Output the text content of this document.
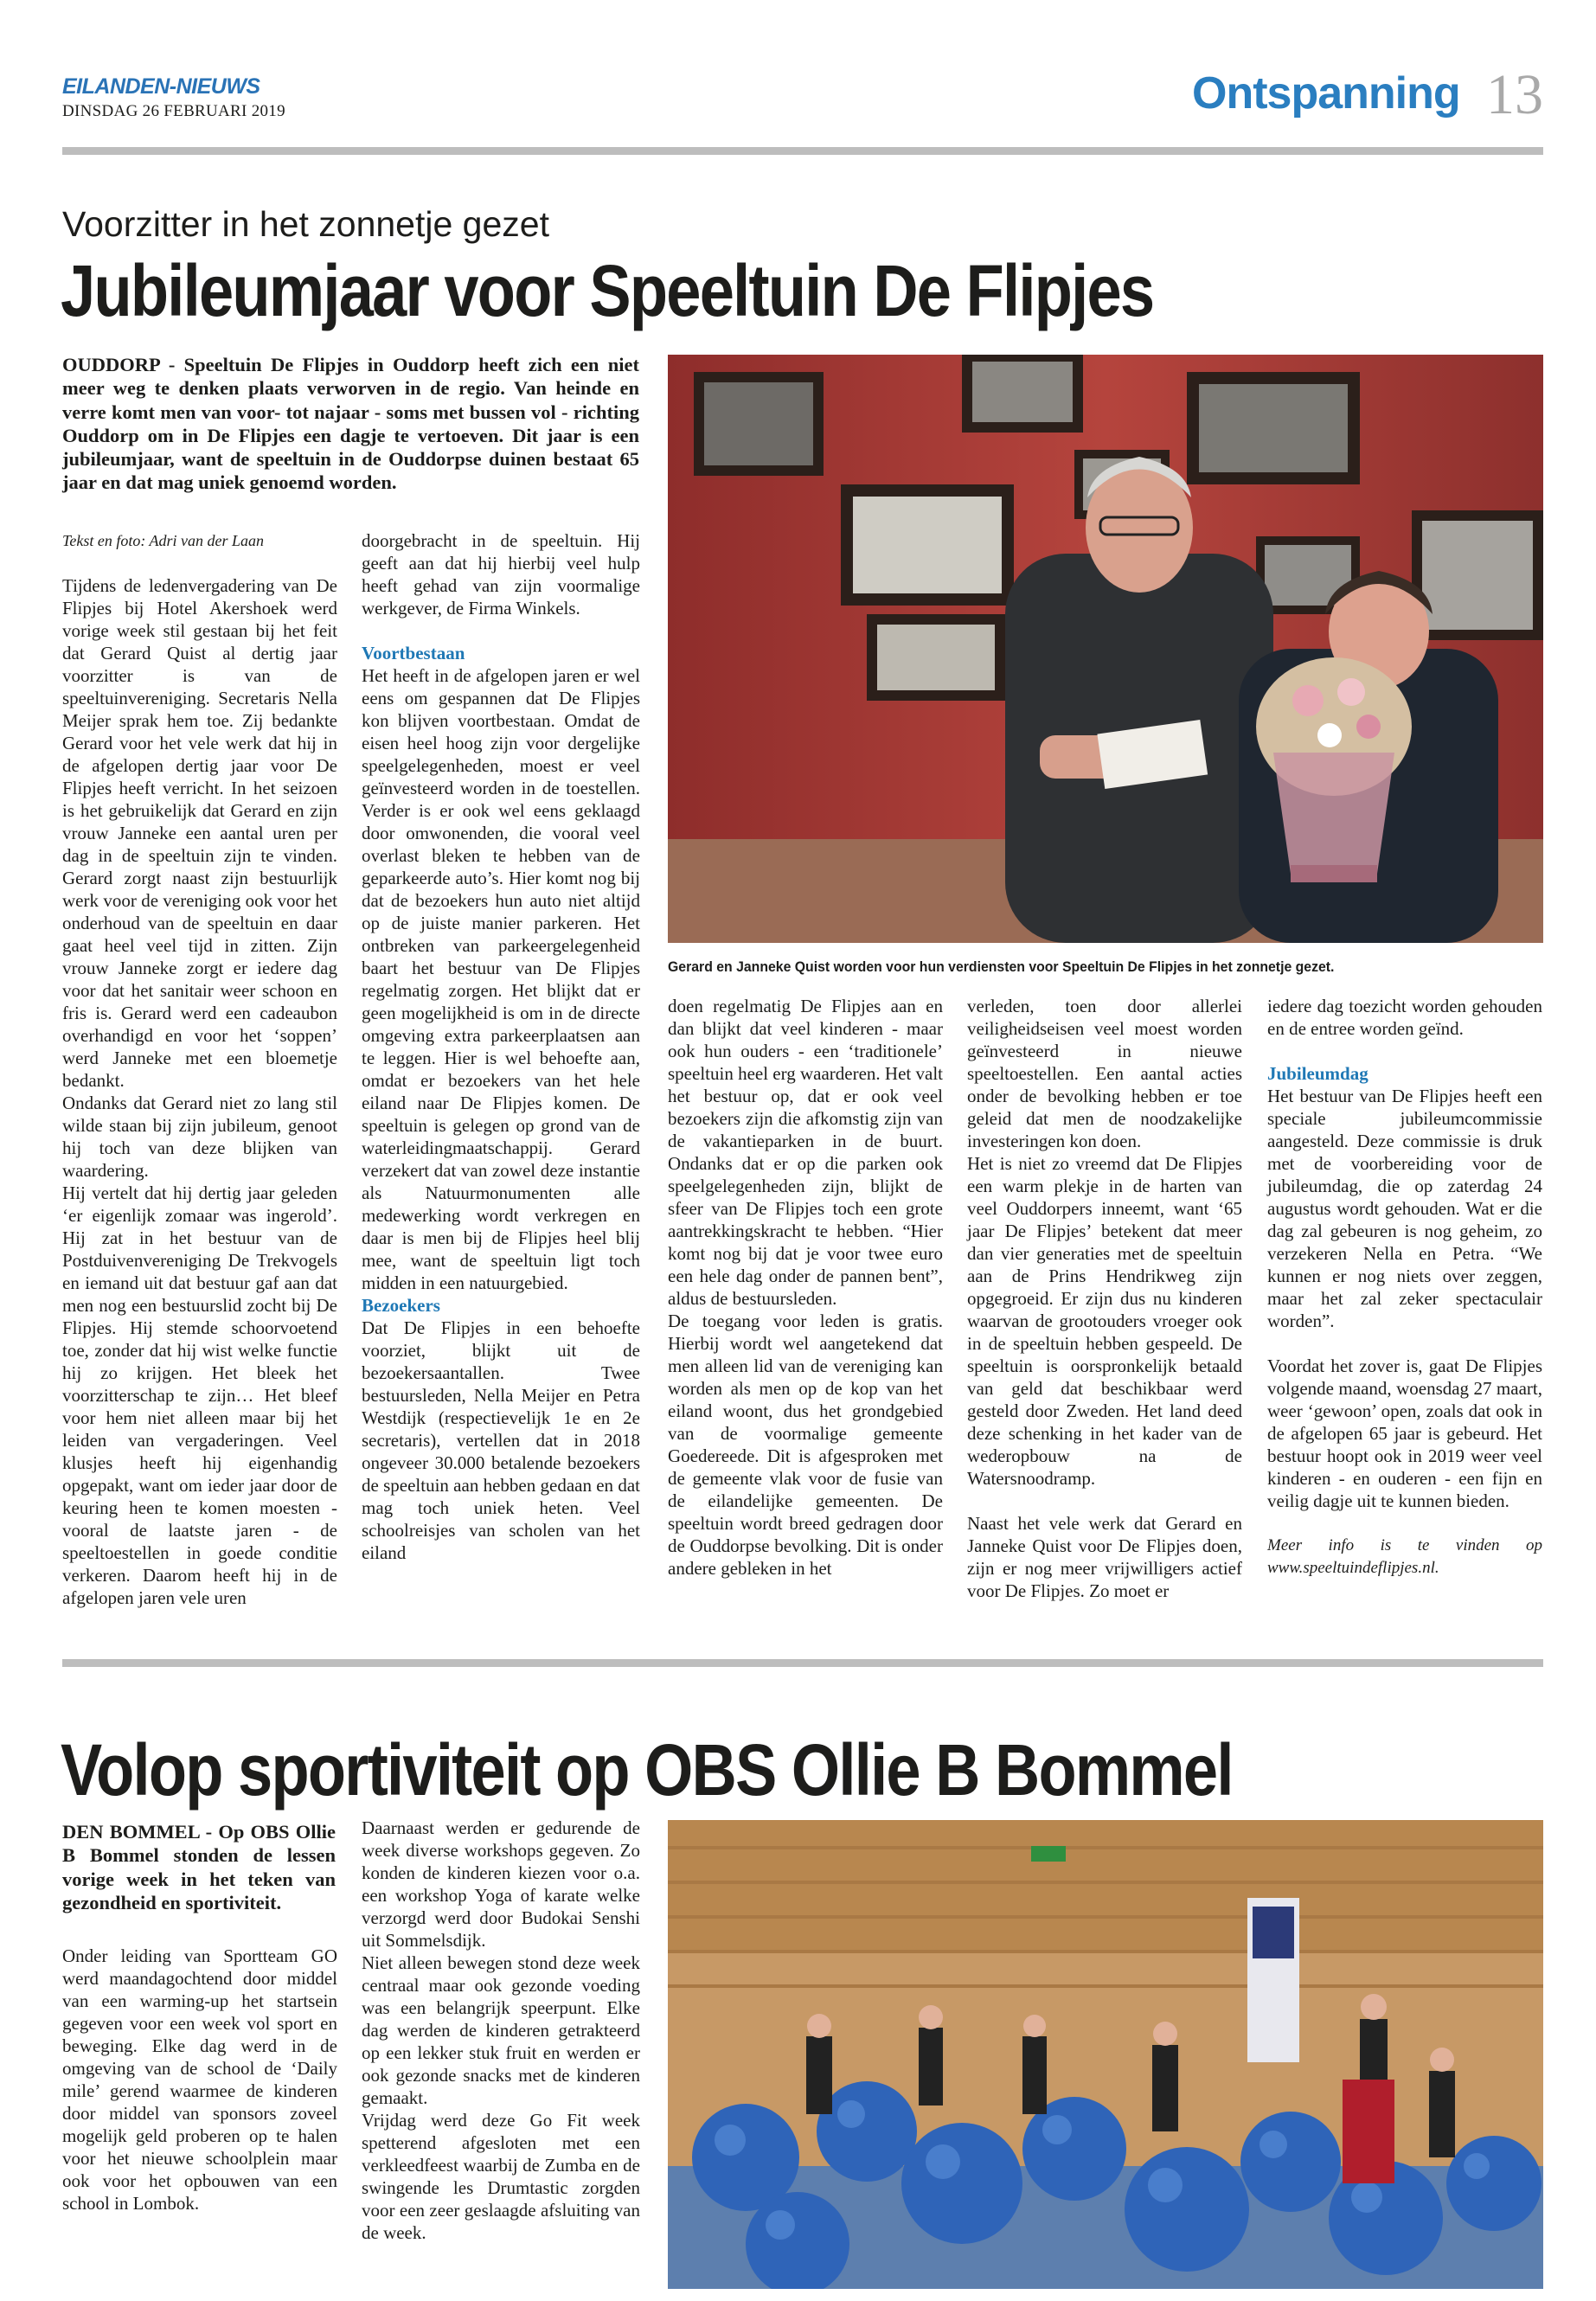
EILANDEN-NIEUWS
DINSDAG 26 FEBRUARI 2019	Ontspanning 13
Voorzitter in het zonnetje gezet
Jubileumjaar voor Speeltuin De Flipjes

OUDDORP - Speeltuin De Flipjes in Ouddorp heeft zich een niet meer weg te denken plaats verworven in de regio. Van heinde en verre komt men van voor- tot najaar - soms met bussen vol - richting Ouddorp om in De Flipjes een dagje te vertoeven. Dit jaar is een jubileumjaar, want de speeltuin in de Ouddorpse duinen bestaat 65 jaar en dat mag uniek genoemd worden.

Gerard en Janneke Quist worden voor hun verdiensten voor Speeltuin De Flipjes in het zonnetje gezet.

Tekst en foto: Adri van der Laan

Tijdens de ledenvergadering van De Flipjes bij Hotel Akershoek werd vorige week stil gestaan bij het feit dat Gerard Quist al dertig jaar voorzitter is van de speeltuinvereniging. Secretaris Nella Meijer sprak hem toe. Zij bedankte Gerard voor het vele werk dat hij in de afgelopen dertig jaar voor De Flipjes heeft verricht. In het seizoen is het gebruikelijk dat Gerard en zijn vrouw Janneke een aantal uren per dag in de speeltuin zijn te vinden. Gerard zorgt naast zijn bestuurlijk werk voor de vereniging ook voor het onderhoud van de speeltuin en daar gaat heel veel tijd in zitten. Zijn vrouw Janneke zorgt er iedere dag voor dat het sanitair weer schoon en fris is. Gerard werd een cadeaubon overhandigd en voor het ‘soppen’ werd Janneke met een bloemetje bedankt.

Ondanks dat Gerard niet zo lang stil wilde staan bij zijn jubileum, genoot hij toch van deze blijken van waardering.

Hij vertelt dat hij dertig jaar geleden ‘er eigenlijk zomaar was ingerold’. Hij zat in het bestuur van de Postduivenvereniging De Trekvogels en iemand uit dat bestuur gaf aan dat men nog een bestuurslid zocht bij De Flipjes. Hij stemde schoorvoetend toe, zonder dat hij wist welke functie hij zo krijgen. Het bleek het voorzitterschap te zijn… Het bleef voor hem niet alleen maar bij het leiden van vergaderingen. Veel klusjes heeft hij eigenhandig opgepakt, want om ieder jaar door de keuring heen te komen moesten - vooral de laatste jaren - de speeltoestellen in goede conditie verkeren. Daarom heeft hij in de afgelopen jaren vele uren

doorgebracht in de speeltuin. Hij geeft aan dat hij hierbij veel hulp heeft gehad van zijn voormalige werkgever, de Firma Winkels.

Voortbestaan

Het heeft in de afgelopen jaren er wel eens om gespannen dat De Flipjes kon blijven voortbestaan. Omdat de eisen heel hoog zijn voor dergelijke speelgelegenheden, moest er veel geïnvesteerd worden in de toestellen. Verder is er ook wel eens geklaagd door omwonenden, die vooral veel overlast bleken te hebben van de geparkeerde auto’s. Hier komt nog bij dat de bezoekers hun auto niet altijd op de juiste manier parkeren. Het ontbreken van parkeergelegenheid baart het bestuur van De Flipjes regelmatig zorgen. Het blijkt dat er geen mogelijkheid is om in de directe omgeving extra parkeerplaatsen aan te leggen. Hier is wel behoefte aan, omdat er bezoekers van het hele eiland naar De Flipjes komen. De speeltuin is gelegen op grond van de waterleidingmaatschappij. Gerard verzekert dat van zowel deze instantie als Natuurmonumenten alle medewerking wordt verkregen en daar is men bij de Flipjes heel blij mee, want de speeltuin ligt toch midden in een natuurgebied.

Bezoekers

Dat De Flipjes in een behoefte voorziet, blijkt uit de bezoekersaantallen. Twee bestuursleden, Nella Meijer en Petra Westdijk (respectievelijk 1e en 2e secretaris), vertellen dat in 2018 ongeveer 30.000 betalende bezoekers de speeltuin aan hebben gedaan en dat mag toch uniek heten. Veel schoolreisjes van scholen van het eiland

doen regelmatig De Flipjes aan en dan blijkt dat veel kinderen - maar ook hun ouders - een ‘traditionele’ speeltuin heel erg waarderen. Het valt het bestuur op, dat er ook veel bezoekers zijn die afkomstig zijn van de vakantieparken in de buurt. Ondanks dat er op die parken ook speelgelegenheden zijn, blijkt de sfeer van De Flipjes toch een grote aantrekkingskracht te hebben. “Hier komt nog bij dat je voor twee euro een hele dag onder de pannen bent”, aldus de bestuursleden.

De toegang voor leden is gratis. Hierbij wordt wel aangetekend dat men alleen lid van de vereniging kan worden als men op de kop van het eiland woont, dus het grondgebied van de voormalige gemeente Goedereede. Dit is afgesproken met de gemeente vlak voor de fusie van de eilandelijke gemeenten. De speeltuin wordt breed gedragen door de Ouddorpse bevolking. Dit is onder andere gebleken in het

verleden, toen door allerlei veiligheidseisen veel moest worden geïnvesteerd in nieuwe speeltoestellen. Een aantal acties onder de bevolking hebben er toe geleid dat men de noodzakelijke investeringen kon doen.

Het is niet zo vreemd dat De Flipjes een warm plekje in de harten van veel Ouddorpers inneemt, want ‘65 jaar De Flipjes’ betekent dat meer dan vier generaties met de speeltuin aan de Prins Hendrikweg zijn opgegroeid. Er zijn dus nu kinderen waarvan de grootouders vroeger ook in de speeltuin hebben gespeeld. De speeltuin is oorspronkelijk betaald van geld dat beschikbaar werd gesteld door Zweden. Het land deed deze schenking in het kader van de wederopbouw na de Watersnoodramp.

Naast het vele werk dat Gerard en Janneke Quist voor De Flipjes doen, zijn er nog meer vrijwilligers actief voor De Flipjes. Zo moet er

iedere dag toezicht worden gehouden en de entree worden geïnd.

Jubileumdag

Het bestuur van De Flipjes heeft een speciale jubileumcommissie aangesteld. Deze commissie is druk met de voorbereiding voor de jubileumdag, die op zaterdag 24 augustus wordt gehouden. Wat er die dag zal gebeuren is nog geheim, zo verzekeren Nella en Petra. “We kunnen er nog niets over zeggen, maar het zal zeker spectaculair worden”.

Voordat het zover is, gaat De Flipjes volgende maand, woensdag 27 maart, weer ‘gewoon’ open, zoals dat ook in de afgelopen 65 jaar is gebeurd. Het bestuur hoopt ook in 2019 weer veel kinderen - en ouderen - een fijn en veilig dagje uit te kunnen bieden.

Meer info is te vinden op www.speeltuindeflipjes.nl.

Volop sportiviteit op OBS Ollie B Bommel

DEN BOMMEL - Op OBS Ollie B Bommel stonden de lessen vorige week in het teken van gezondheid en sportiviteit.

Onder leiding van Sportteam GO werd maandagochtend door middel van een warming-up het startsein gegeven voor een week vol sport en beweging. Elke dag werd in de omgeving van de school de ‘Daily mile’ gerend waarmee de kinderen door middel van sponsors zoveel mogelijk geld proberen op te halen voor het nieuwe schoolplein maar ook voor het opbouwen van een school in Lombok.

Daarnaast werden er gedurende de week diverse workshops gegeven. Zo konden de kinderen kiezen voor o.a. een workshop Yoga of karate welke verzorgd werd door Budokai Senshi uit Sommelsdijk.

Niet alleen bewegen stond deze week centraal maar ook gezonde voeding was een belangrijk speerpunt. Elke dag werden de kinderen getrakteerd op een lekker stuk fruit en werden er ook gezonde snacks met de kinderen gemaakt.

Vrijdag werd deze Go Fit week spetterend afgesloten met een verkleedfeest waarbij de Zumba en de swingende les Drumtastic zorgden voor een zeer geslaagde afsluiting van de week.
